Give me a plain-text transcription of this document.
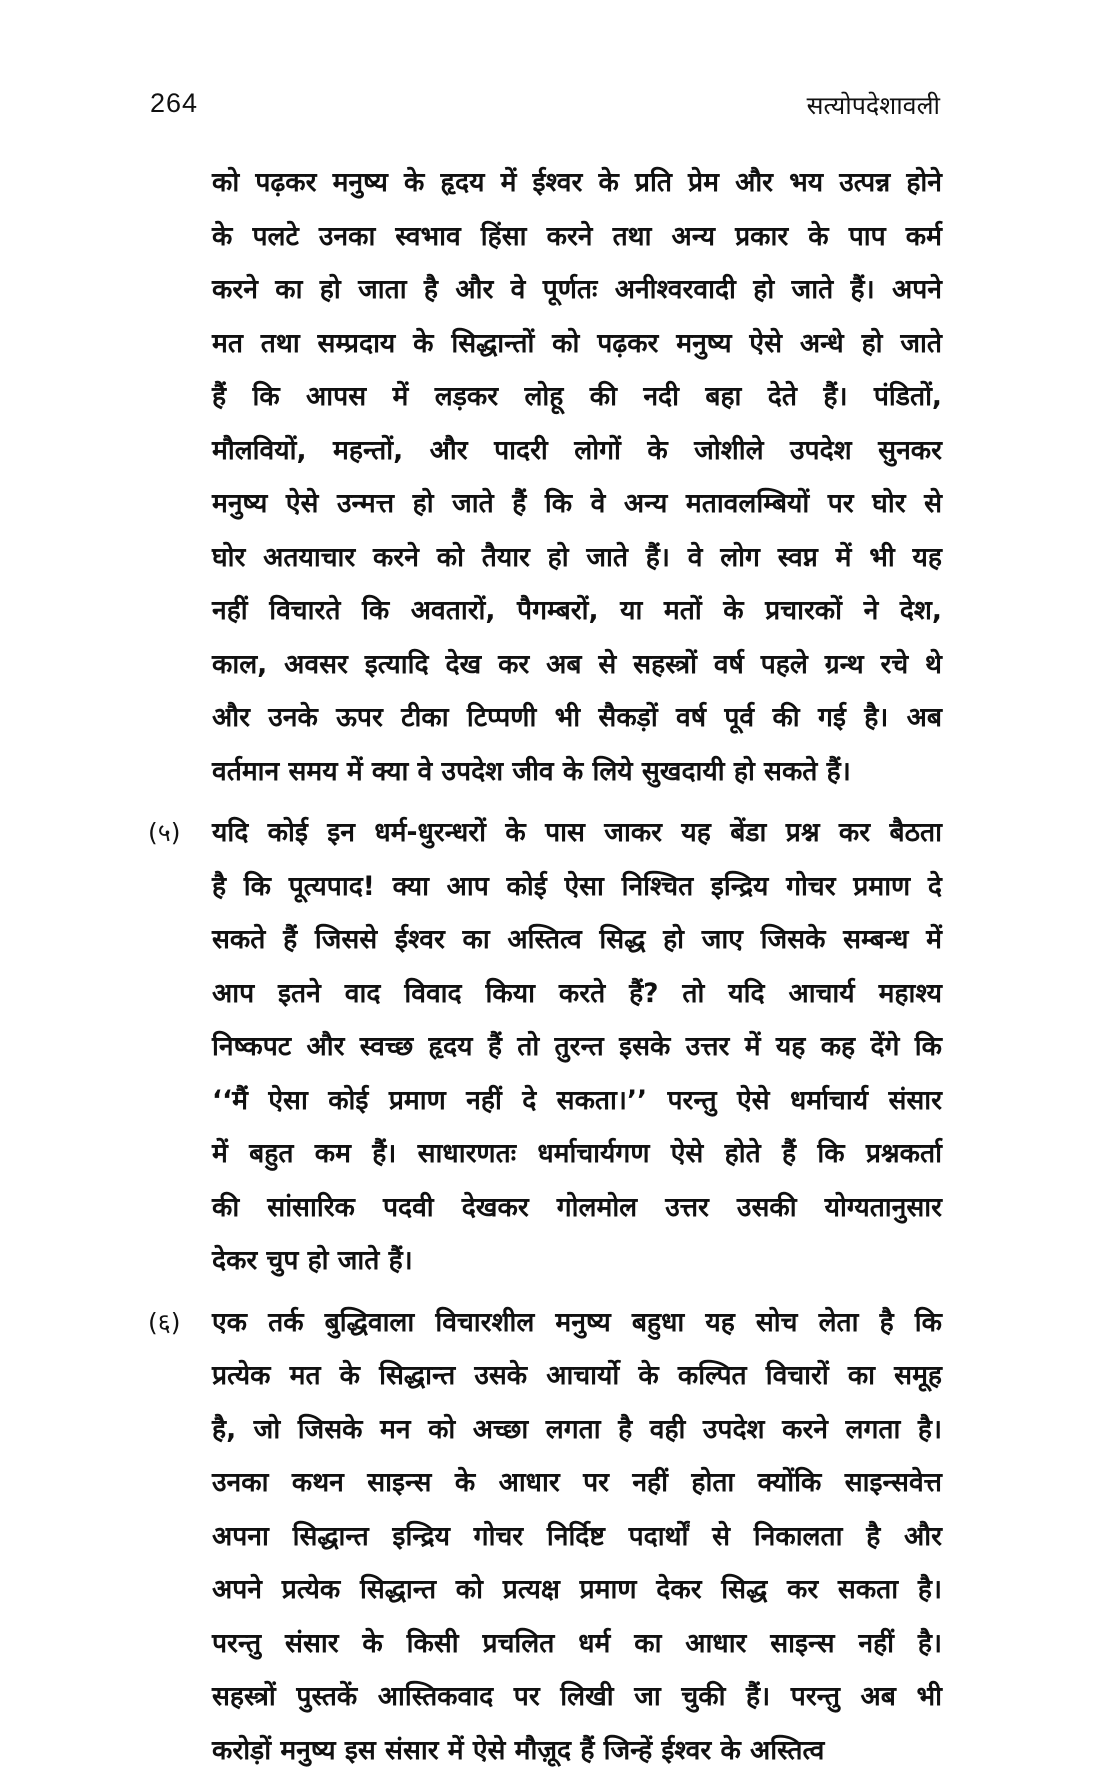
264	सत्योपदेशावली
को पढ़कर मनुष्य के हृदय में ईश्वर के प्रति प्रेम और भय उत्पन्न होने
के पलटे उनका स्वभाव हिंसा करने तथा अन्य प्रकार के पाप कर्म
करने का हो जाता है और वे पूर्णतः अनीश्वरवादी हो जाते हैं। अपने
मत तथा सम्प्रदाय के सिद्धान्तों को पढ़कर मनुष्य ऐसे अन्धे हो जाते
हैं कि आपस में लड़कर लोहू की नदी बहा देते हैं। पंडितों,
मौलवियों, महन्तों, और पादरी लोगों के जोशीले उपदेश सुनकर
मनुष्य ऐसे उन्मत्त हो जाते हैं कि वे अन्य मतावलम्बियों पर घोर से
घोर अतयाचार करने को तैयार हो जाते हैं। वे लोग स्वप्न में भी यह
नहीं विचारते कि अवतारों, पैगम्बरों, या मतों के प्रचारकों ने देश,
काल, अवसर इत्यादि देख कर अब से सहस्त्रों वर्ष पहले ग्रन्थ रचे थे
और उनके ऊपर टीका टिप्पणी भी सैकड़ों वर्ष पूर्व की गई है। अब
वर्तमान समय में क्या वे उपदेश जीव के लिये सुखदायी हो सकते हैं।
(५) यदि कोई इन धर्म-धुरन्धरों के पास जाकर यह बेंडा प्रश्न कर बैठता
है कि पूत्यपाद! क्या आप कोई ऐसा निश्चित इन्द्रिय गोचर प्रमाण दे
सकते हैं जिससे ईश्वर का अस्तित्व सिद्ध हो जाए जिसके सम्बन्ध में
आप इतने वाद विवाद किया करते हैं? तो यदि आचार्य महाश्य
निष्कपट और स्वच्छ हृदय हैं तो तुरन्त इसके उत्तर में यह कह देंगे कि
‘‘मैं ऐसा कोई प्रमाण नहीं दे सकता।’’ परन्तु ऐसे धर्माचार्य संसार
में बहुत कम हैं। साधारणतः धर्माचार्यगण ऐसे होते हैं कि प्रश्नकर्ता
की सांसारिक पदवी देखकर गोलमोल उत्तर उसकी योग्यतानुसार
देकर चुप हो जाते हैं।
(६) एक तर्क बुद्धिवाला विचारशील मनुष्य बहुधा यह सोच लेता है कि
प्रत्येक मत के सिद्धान्त उसके आचार्यो के कल्पित विचारों का समूह
है, जो जिसके मन को अच्छा लगता है वही उपदेश करने लगता है।
उनका कथन साइन्स के आधार पर नहीं होता क्योंकि साइन्सवेत्त
अपना सिद्धान्त इन्द्रिय गोचर निर्दिष्ट पदार्थों से निकालता है और
अपने प्रत्येक सिद्धान्त को प्रत्यक्ष प्रमाण देकर सिद्ध कर सकता है।
परन्तु संसार के किसी प्रचलित धर्म का आधार साइन्स नहीं है।
सहस्त्रों पुस्तकें आस्तिकवाद पर लिखी जा चुकी हैं। परन्तु अब भी
करोड़ों मनुष्य इस संसार में ऐसे मौज़ूद हैं जिन्हें ईश्वर के अस्तित्व
